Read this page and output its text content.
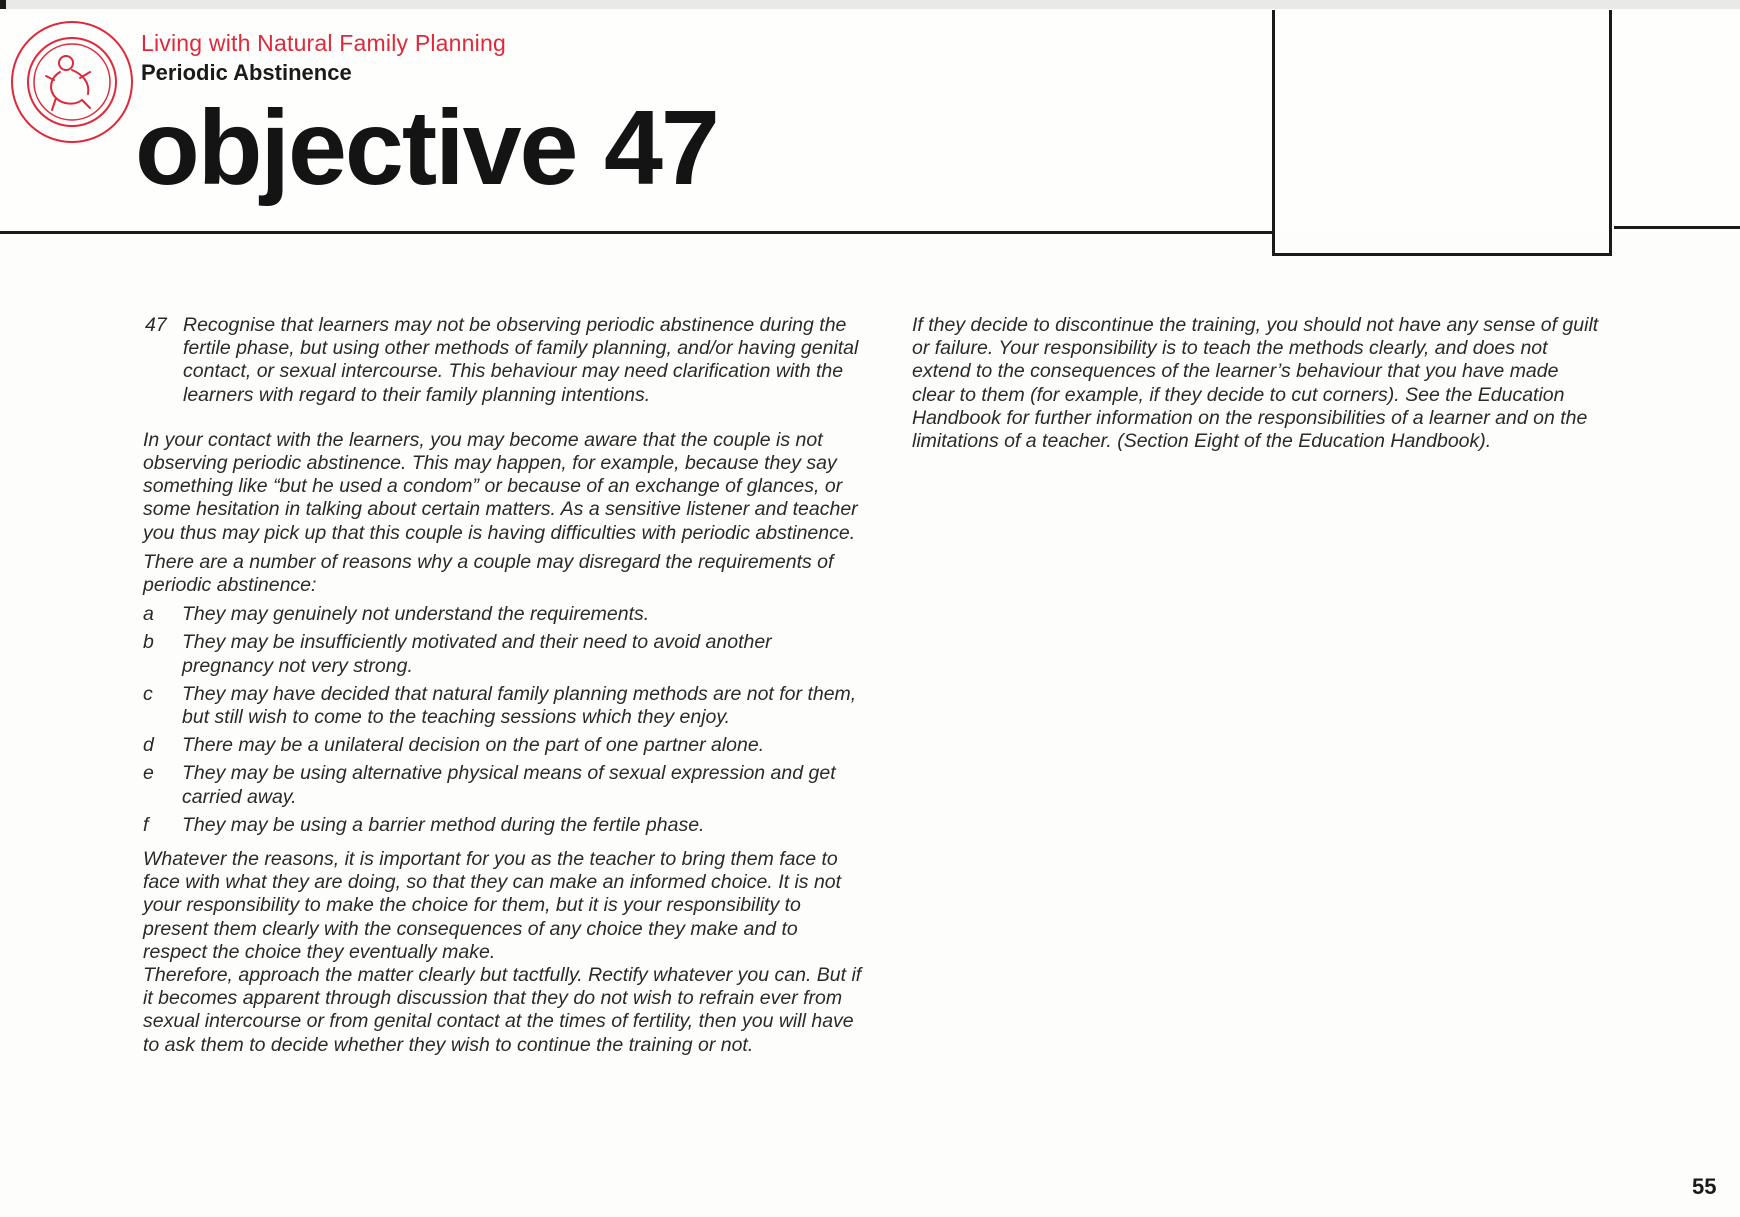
Living with Natural Family Planning
Periodic Abstinence
objective 47
47 Recognise that learners may not be observing periodic abstinence during the fertile phase, but using other methods of family planning, and/or having genital contact, or sexual intercourse. This behaviour may need clarification with the learners with regard to their family planning intentions.

In your contact with the learners, you may become aware that the couple is not observing periodic abstinence. This may happen, for example, because they say something like “but he used a condom” or because of an exchange of glances, or some hesitation in talking about certain matters. As a sensitive listener and teacher you thus may pick up that this couple is having difficulties with periodic abstinence.

There are a number of reasons why a couple may disregard the requirements of periodic abstinence:

a They may genuinely not understand the requirements.

b They may be insufficiently motivated and their need to avoid another pregnancy not very strong.

c They may have decided that natural family planning methods are not for them, but still wish to come to the teaching sessions which they enjoy.

d There may be a unilateral decision on the part of one partner alone.

e They may be using alternative physical means of sexual expression and get carried away.

f They may be using a barrier method during the fertile phase.

Whatever the reasons, it is important for you as the teacher to bring them face to face with what they are doing, so that they can make an informed choice. It is not your responsibility to make the choice for them, but it is your responsibility to present them clearly with the consequences of any choice they make and to respect the choice they eventually make.

Therefore, approach the matter clearly but tactfully. Rectify whatever you can. But if it becomes apparent through discussion that they do not wish to refrain ever from sexual intercourse or from genital contact at the times of fertility, then you will have to ask them to decide whether they wish to continue the training or not.

If they decide to discontinue the training, you should not have any sense of guilt or failure. Your responsibility is to teach the methods clearly, and does not extend to the consequences of the learner’s behaviour that you have made clear to them (for example, if they decide to cut corners). See the Education Handbook for further information on the responsibilities of a learner and on the limitations of a teacher. (Section Eight of the Education Handbook).

55
